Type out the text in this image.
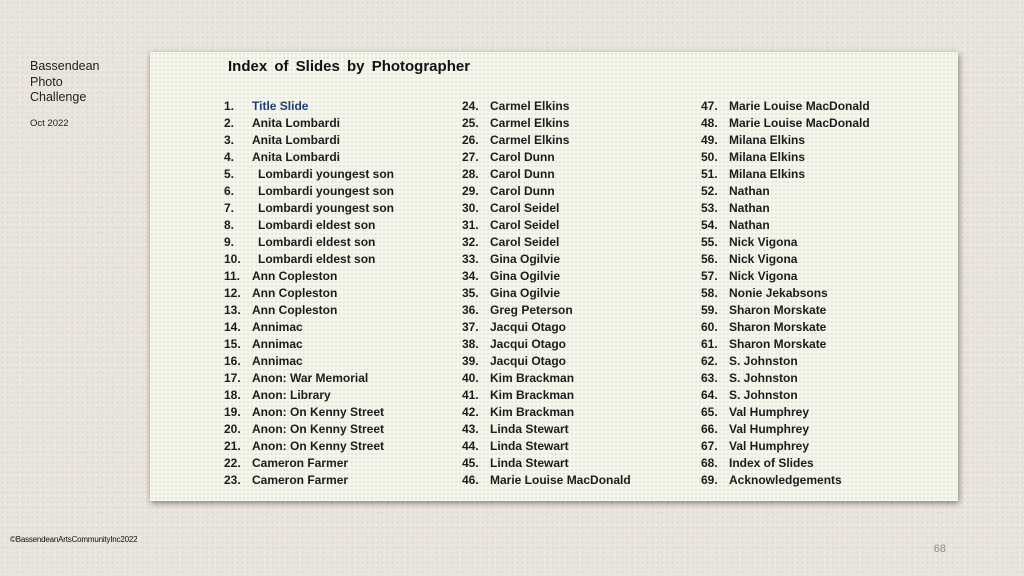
Bassendean
Photo
Challenge
Oct 2022
Index of Slides by Photographer
1. Title Slide
2. Anita Lombardi
3. Anita Lombardi
4. Anita Lombardi
5. Lombardi youngest son
6. Lombardi youngest son
7. Lombardi youngest son
8. Lombardi eldest son
9. Lombardi eldest son
10. Lombardi eldest son
11. Ann Copleston
12. Ann Copleston
13. Ann Copleston
14. Annimac
15. Annimac
16. Annimac
17. Anon: War Memorial
18. Anon: Library
19. Anon: On Kenny Street
20. Anon: On Kenny Street
21. Anon: On Kenny Street
22. Cameron Farmer
23. Cameron Farmer
24. Carmel Elkins
25. Carmel Elkins
26. Carmel Elkins
27. Carol Dunn
28. Carol Dunn
29. Carol Dunn
30. Carol Seidel
31. Carol Seidel
32. Carol Seidel
33. Gina Ogilvie
34. Gina Ogilvie
35. Gina Ogilvie
36. Greg Peterson
37. Jacqui Otago
38. Jacqui Otago
39. Jacqui Otago
40. Kim Brackman
41. Kim Brackman
42. Kim Brackman
43. Linda Stewart
44. Linda Stewart
45. Linda Stewart
46. Marie Louise MacDonald
47. Marie Louise MacDonald
48. Marie Louise MacDonald
49. Milana Elkins
50. Milana Elkins
51. Milana Elkins
52. Nathan
53. Nathan
54. Nathan
55. Nick Vigona
56. Nick Vigona
57. Nick Vigona
58. Nonie Jekabsons
59. Sharon Morskate
60. Sharon Morskate
61. Sharon Morskate
62. S. Johnston
63. S. Johnston
64. S. Johnston
65. Val Humphrey
66. Val Humphrey
67. Val Humphrey
68. Index of Slides
69. Acknowledgements
©BassendeanArtsCommunityInc2022
68
